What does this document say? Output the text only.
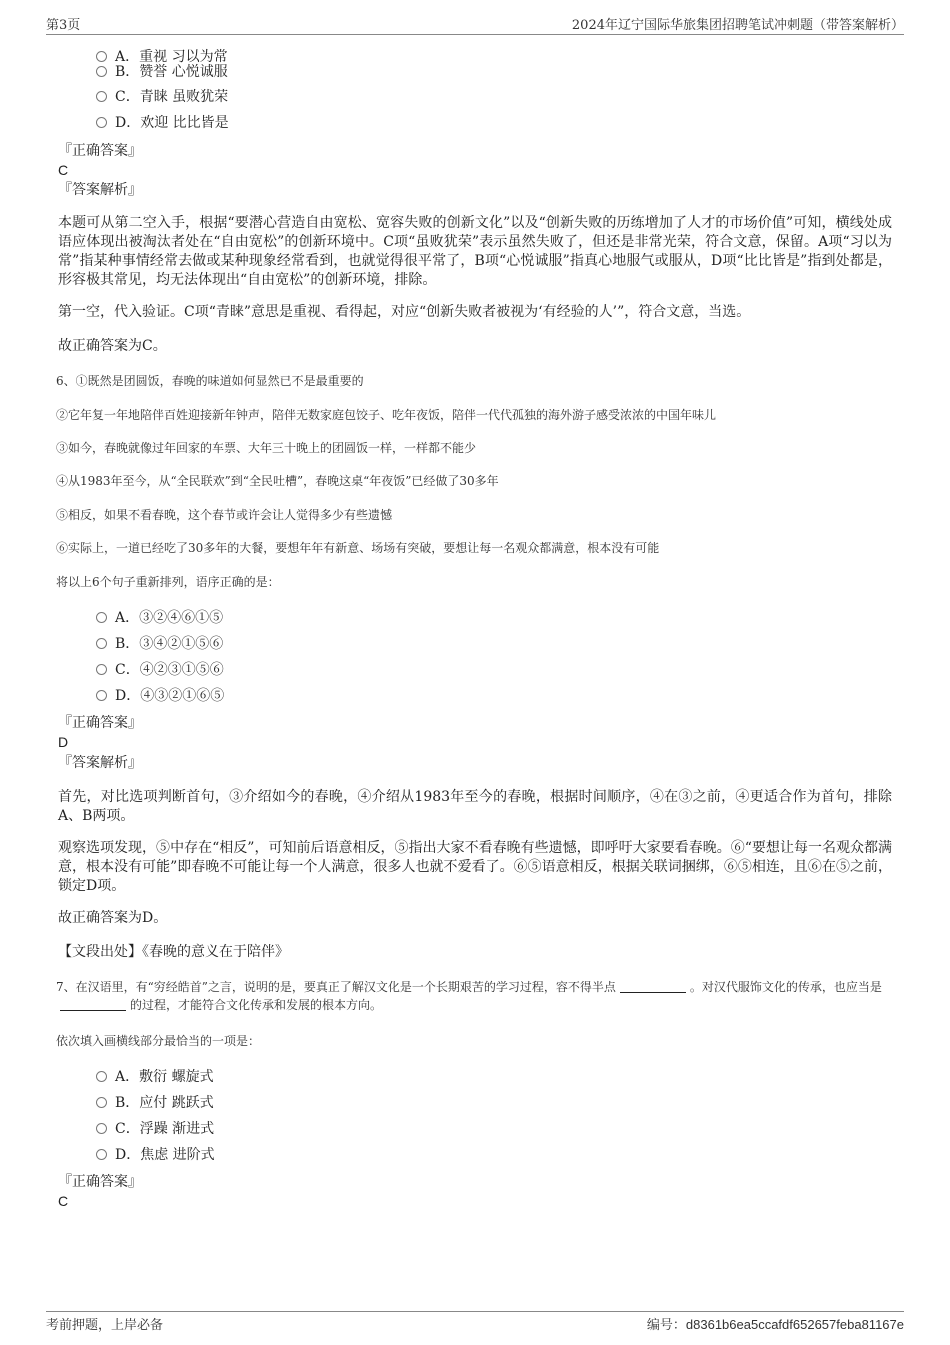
第3页	2024年辽宁国际华旅集团招聘笔试冲刺题（带答案解析）
A．重视 习以为常
B．赞誉 心悦诚服
C．青睐 虽败犹荣
D．欢迎 比比皆是
『正确答案』
C
『答案解析』
本题可从第二空入手，根据“要潜心营造自由宽松、宽容失败的创新文化”以及“创新失败的历练增加了人才的市场价值”可知，横线处成语应体现出被淘汰者处在“自由宽松”的创新环境中。C项“虽败犹荣”表示虽然失败了，但还是非常光荣，符合文意，保留。A项“习以为常”指某种事情经常去做或某种现象经常看到，也就觉得很平常了，B项“心悦诚服”指真心地服气或服从，D项“比比皆是”指到处都是，形容极其常见，均无法体现出“自由宽松”的创新环境，排除。
第一空，代入验证。C项“青睐”意思是重视、看得起，对应“创新失败者被视为‘有经验的人’”，符合文意，当选。
故正确答案为C。
6、①既然是团圆饭，春晚的味道如何显然已不是最重要的
②它年复一年地陪伴百姓迎接新年钟声，陪伴无数家庭包饺子、吃年夜饭，陪伴一代代孤独的海外游子感受浓浓的中国年味儿
③如今，春晚就像过年回家的车票、大年三十晚上的团圆饭一样，一样都不能少
④从1983年至今，从“全民联欢”到“全民吐槽”，春晚这桌“年夜饭”已经做了30多年
⑤相反，如果不看春晚，这个春节或许会让人觉得多少有些遗憾
⑥实际上，一道已经吃了30多年的大餐，要想年年有新意、场场有突破，要想让每一名观众都满意，根本没有可能
将以上6个句子重新排列，语序正确的是：
A．③②④⑥①⑤
B．③④②①⑤⑥
C．④②③①⑤⑥
D．④③②①⑥⑤
『正确答案』
D
『答案解析』
首先，对比选项判断首句，③介绍如今的春晚，④介绍从1983年至今的春晚，根据时间顺序，④在③之前，④更适合作为首句，排除A、B两项。
观察选项发现，⑤中存在“相反”，可知前后语意相反，⑤指出大家不看春晚有些遗憾，即呼吁大家要看春晚。⑥“要想让每一名观众都满意，根本没有可能”即春晚不可能让每一个人满意，很多人也就不爱看了。⑥⑤语意相反，根据关联词捆绑，⑥⑤相连，且⑥在⑤之前，锁定D项。
故正确答案为D。
【文段出处】《春晚的意义在于陪伴》
7、在汉语里，有“穷经皓首”之言，说明的是，要真正了解汉文化是一个长期艰苦的学习过程，容不得半点	。对汉代服饰文化的传承，也应当是的过程，才能符合文化传承和发展的根本方向。
依次填入画横线部分最恰当的一项是：
A．敷衍 螺旋式
B．应付 跳跃式
C．浮躁 渐进式
D．焦虑 进阶式
『正确答案』
C
考前押题，上岸必备	编号：d8361b6ea5ccafdf652657feba81167e
